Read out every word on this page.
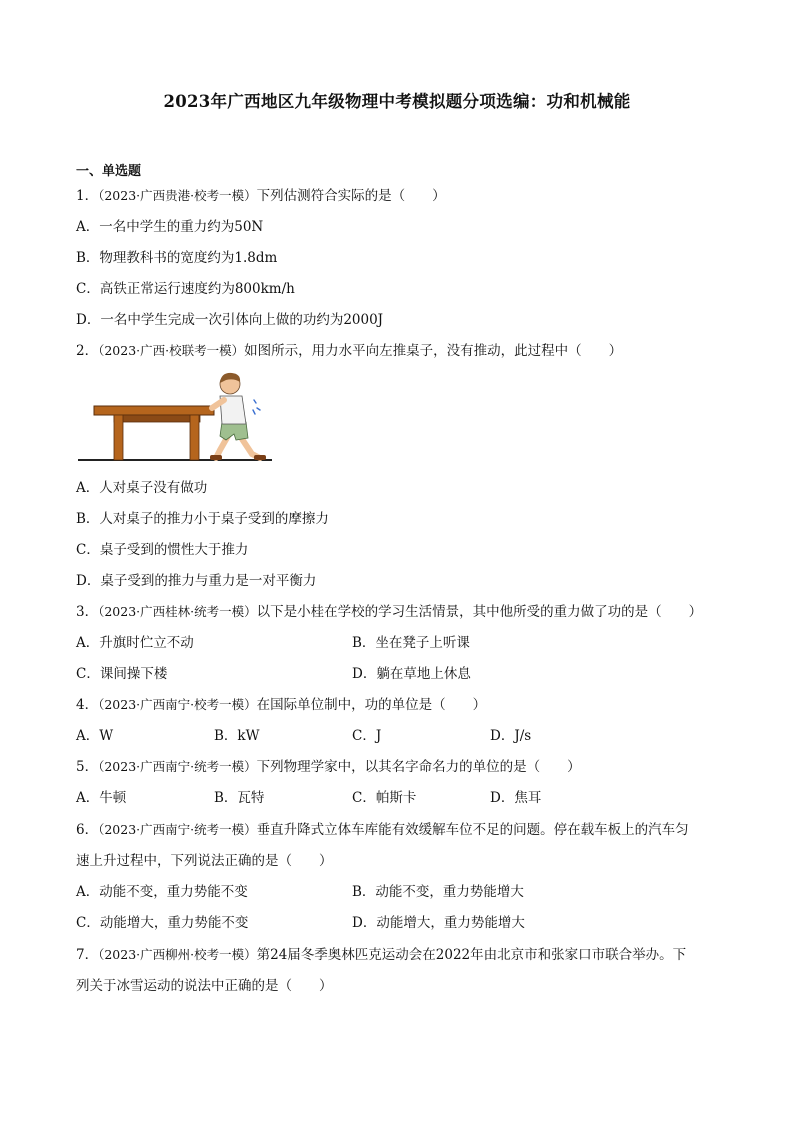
2023年广西地区九年级物理中考模拟题分项选编：功和机械能
一、单选题
1．（2023·广西贵港·校考一模）下列估测符合实际的是（　　）
A．一名中学生的重力约为50N
B．物理教科书的宽度约为1.8dm
C．高铁正常运行速度约为800km/h
D．一名中学生完成一次引体向上做的功约为2000J
2．（2023·广西·校联考一模）如图所示，用力水平向左推桌子，没有推动，此过程中（　　）
A．人对桌子没有做功
B．人对桌子的推力小于桌子受到的摩擦力
C．桌子受到的惯性大于推力
D．桌子受到的推力与重力是一对平衡力
3．（2023·广西桂林·统考一模）以下是小桂在学校的学习生活情景，其中他所受的重力做了功的是（　　）
A．升旗时伫立不动	B．坐在凳子上听课
C．课间操下楼	D．躺在草地上休息
4．（2023·广西南宁·校考一模）在国际单位制中，功的单位是（　　）
A．W	B．kW	C．J	D．J/s
5．（2023·广西南宁·统考一模）下列物理学家中，以其名字命名力的单位的是（　　）
A．牛顿	B．瓦特	C．帕斯卡	D．焦耳
6．（2023·广西南宁·统考一模）垂直升降式立体车库能有效缓解车位不足的问题。停在载车板上的汽车匀
速上升过程中，下列说法正确的是（　　）
A．动能不变，重力势能不变	B．动能不变，重力势能增大
C．动能增大，重力势能不变	D．动能增大，重力势能增大
7．（2023·广西柳州·校考一模）第24届冬季奥林匹克运动会在2022年由北京市和张家口市联合举办。下
列关于冰雪运动的说法中正确的是（　　）
